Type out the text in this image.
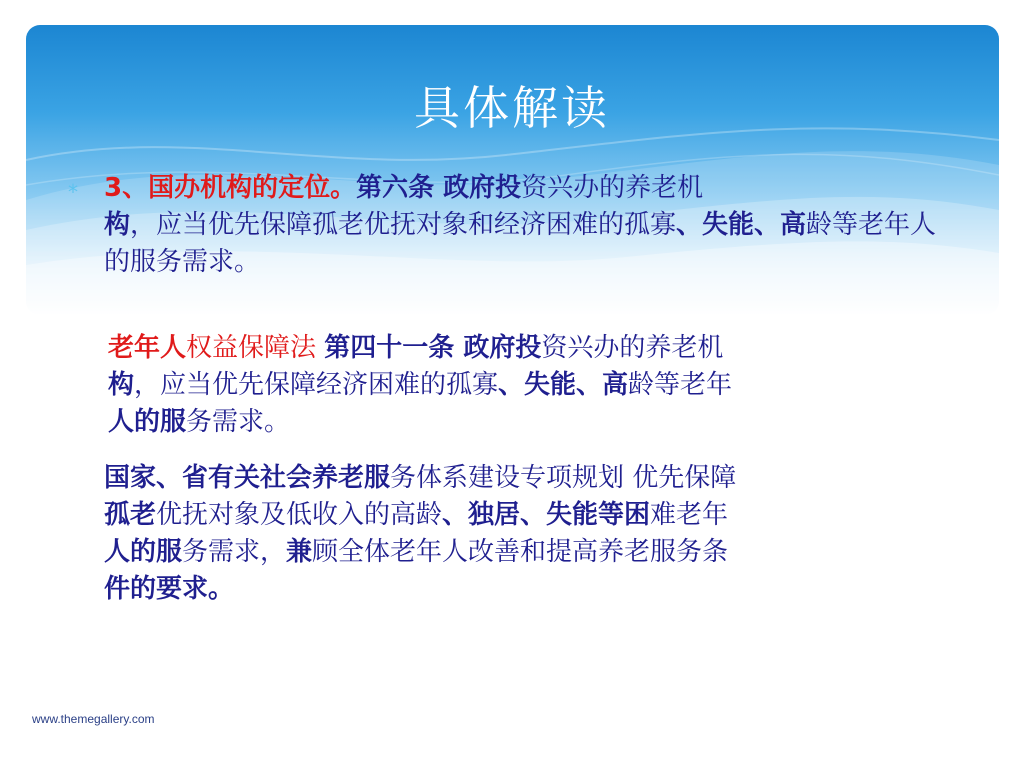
具体解读
* 3、国办机构的定位。第六条 政府投资兴办的养老机
构，应当优先保障孤老优抚对象和经济困难的孤寡、失能、高龄等老年人的服务需求。

老年人权益保障法 第四十一条 政府投资兴办的养老机
构，应当优先保障经济困难的孤寡、失能、高龄等老年
人的服务需求。

国家、省有关社会养老服务体系建设专项规划 优先保障
孤老优抚对象及低收入的高龄、独居、失能等困难老年
人的服务需求，兼顾全体老年人改善和提高养老服务条
件的要求。

www.themegallery.com
